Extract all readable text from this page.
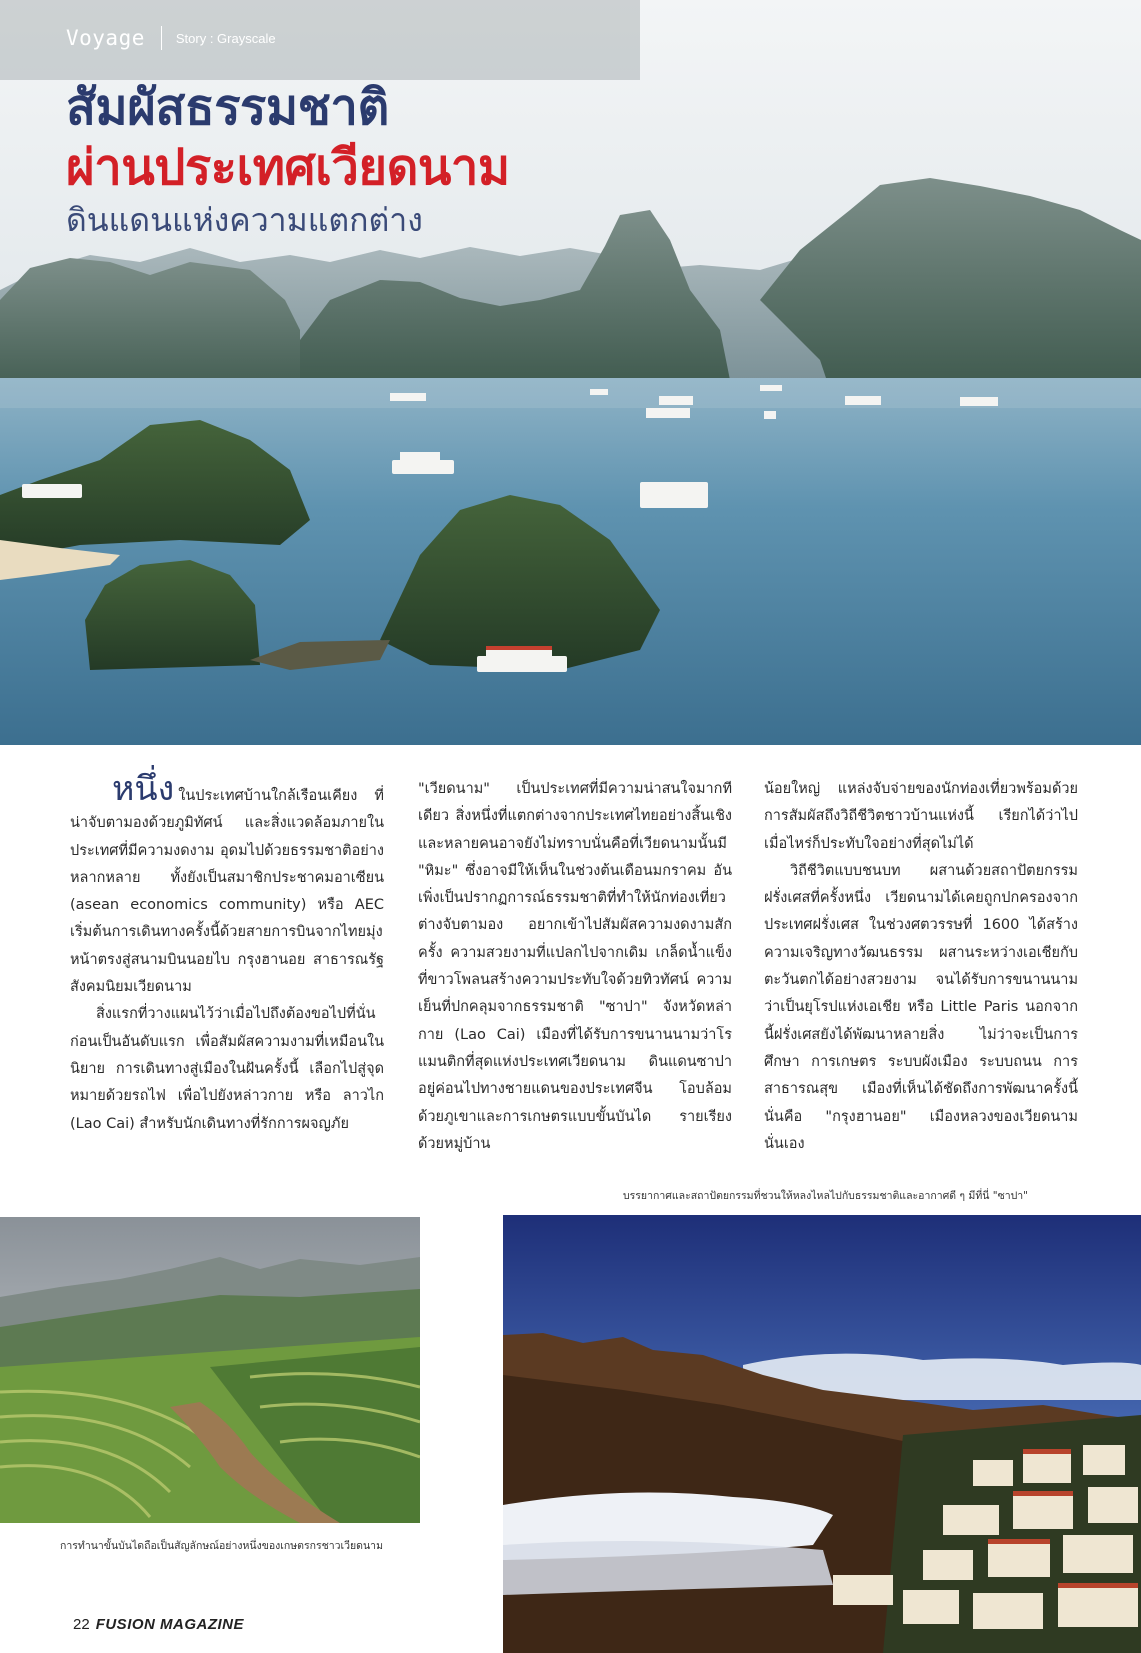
Voyage Story : Grayscale
สัมผัสธรรมชาติ
ผ่านประเทศเวียดนาม
ดินแดนแห่งความแตกต่าง

หนึ่ง ในประเทศบ้านใกล้เรือนเคียง ที่น่าจับตามองด้วยภูมิทัศน์ และสิ่งแวดล้อมภายในประเทศที่มีความงดงาม อุดมไปด้วยธรรมชาติอย่างหลากหลาย ทั้งยังเป็นสมาชิกประชาคมอาเซียน (asean economics community) หรือ AEC เริ่มต้นการเดินทางครั้งนี้ด้วยสายการบินจากไทยมุ่งหน้าตรงสู่สนามบินนอยไบ กรุงฮานอย สาธารณรัฐสังคมนิยมเวียดนาม

สิ่งแรกที่วางแผนไว้ว่าเมื่อไปถึงต้องขอไปที่นั่นก่อนเป็นอันดับแรก เพื่อสัมผัสความงามที่เหมือนในนิยาย การเดินทางสู่เมืองในฝันครั้งนี้ เลือกไปสู่จุดหมายด้วยรถไฟ เพื่อไปยังหล่าวกาย หรือ ลาวไก (Lao Cai) สำหรับนักเดินทางที่รักการผจญภัย

"เวียดนาม" เป็นประเทศที่มีความน่าสนใจมากทีเดียว สิ่งหนึ่งที่แตกต่างจากประเทศไทยอย่างสิ้นเชิง และหลายคนอาจยังไม่ทราบนั่นคือที่เวียดนามนั้นมี "หิมะ" ซึ่งอาจมีให้เห็นในช่วงต้นเดือนมกราคม อันเพิ่งเป็นปรากฏการณ์ธรรมชาติที่ทำให้นักท่องเที่ยวต่างจับตามอง อยากเข้าไปสัมผัสความงดงามสักครั้ง ความสวยงามที่แปลกไปจากเดิม เกล็ดน้ำแข็งที่ขาวโพลนสร้างความประทับใจด้วยทิวทัศน์ ความเย็นที่ปกคลุมจากธรรมชาติ "ซาปา" จังหวัดหล่ากาย (Lao Cai) เมืองที่ได้รับการขนานนามว่าโรแมนติกที่สุดแห่งประเทศเวียดนาม ดินแดนซาปา อยู่ค่อนไปทางชายแดนของประเทศจีน โอบล้อมด้วยภูเขาและการเกษตรแบบขั้นบันได รายเรียงด้วยหมู่บ้าน

น้อยใหญ่ แหล่งจับจ่ายของนักท่องเที่ยวพร้อมด้วยการสัมผัสถึงวิถีชีวิตชาวบ้านแห่งนี้ เรียกได้ว่าไปเมื่อไหร่ก็ประทับใจอย่างที่สุดไม่ได้

วิถีชีวิตแบบชนบท ผสานด้วยสถาปัตยกรรมฝรั่งเศสที่ครั้งหนึ่ง เวียดนามได้เคยถูกปกครองจากประเทศฝรั่งเศส ในช่วงศตวรรษที่ 1600 ได้สร้างความเจริญทางวัฒนธรรม ผสานระหว่างเอเชียกับตะวันตกได้อย่างสวยงาม จนได้รับการขนานนามว่าเป็นยุโรปแห่งเอเชีย หรือ Little Paris นอกจากนี้ฝรั่งเศสยังได้พัฒนาหลายสิ่ง ไม่ว่าจะเป็นการศึกษา การเกษตร ระบบผังเมือง ระบบถนน การสาธารณสุข เมืองที่เห็นได้ชัดถึงการพัฒนาครั้งนี้นั่นคือ "กรุงฮานอย" เมืองหลวงของเวียดนามนั่นเอง

บรรยากาศและสถาปัตยกรรมที่ชวนให้หลงไหลไปกับธรรมชาติและอากาศดี ๆ มีที่นี่ "ซาปา"
การทำนาขั้นบันไดถือเป็นสัญลักษณ์อย่างหนึ่งของเกษตรกรชาวเวียดนาม
22 FUSION MAGAZINE
